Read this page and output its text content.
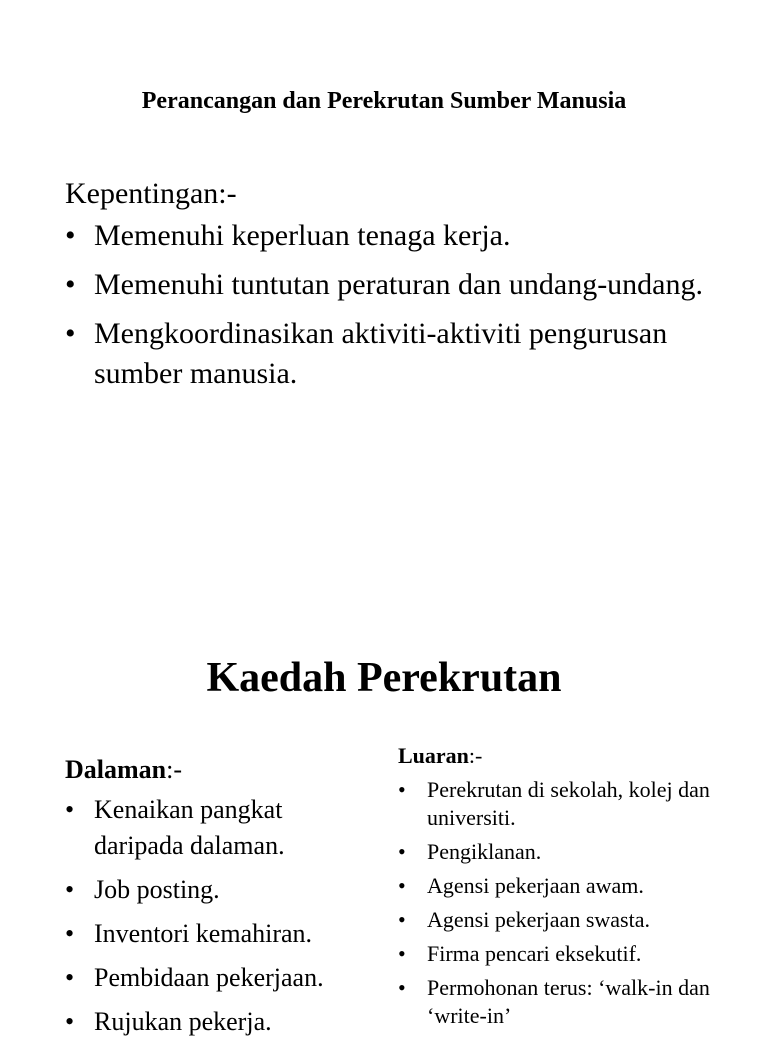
Perancangan dan Perekrutan Sumber Manusia
Kepentingan:-
• Memenuhi keperluan tenaga kerja.
• Memenuhi tuntutan peraturan dan undang-undang.
• Mengkoordinasikan aktiviti-aktiviti pengurusan sumber manusia.
Kaedah Perekrutan
Dalaman:-
• Kenaikan pangkat daripada dalaman.
• Job posting.
• Inventori kemahiran.
• Pembidaan pekerjaan.
• Rujukan pekerja.
Luaran:-
• Perekrutan di sekolah, kolej dan universiti.
• Pengiklanan.
• Agensi pekerjaan awam.
• Agensi pekerjaan swasta.
• Firma pencari eksekutif.
• Permohonan terus: ‘walk-in dan ‘write-in’
